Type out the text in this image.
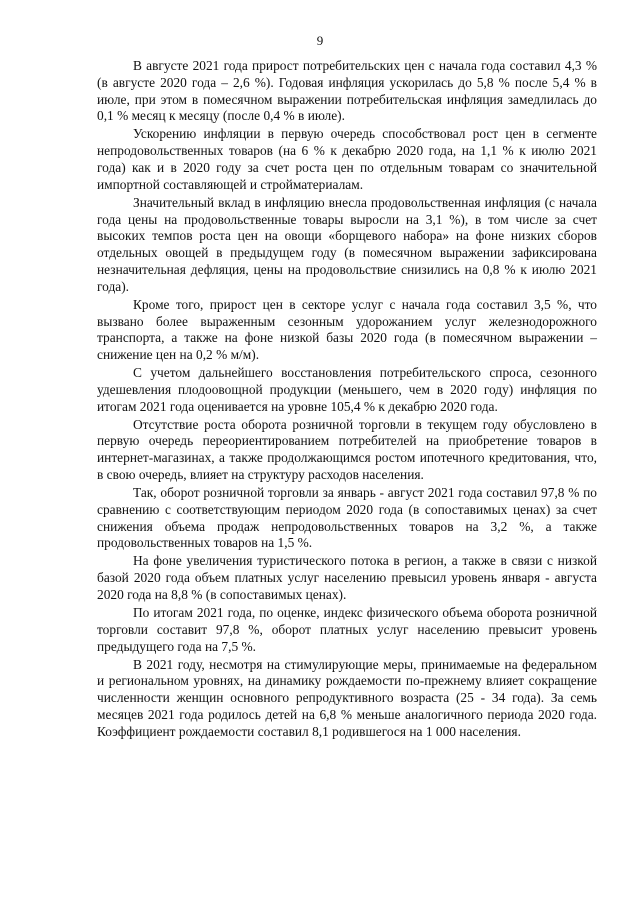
9

В августе 2021 года прирост потребительских цен с начала года составил 4,3 % (в августе 2020 года – 2,6 %). Годовая инфляция ускорилась до 5,8 % после 5,4 % в июле, при этом в помесячном выражении потребительская инфляция замедлилась до 0,1 % месяц к месяцу (после 0,4 % в июле).

Ускорению инфляции в первую очередь способствовал рост цен в сегменте непродовольственных товаров (на 6 % к декабрю 2020 года, на 1,1 % к июлю 2021 года) как и в 2020 году за счет роста цен по отдельным товарам со значительной импортной составляющей и стройматериалам.

Значительный вклад в инфляцию внесла продовольственная инфляция (с начала года цены на продовольственные товары выросли на 3,1 %), в том числе за счет высоких темпов роста цен на овощи «борщевого набора» на фоне низких сборов отдельных овощей в предыдущем году (в помесячном выражении зафиксирована незначительная дефляция, цены на продовольствие снизились на 0,8 % к июлю 2021 года).

Кроме того, прирост цен в секторе услуг с начала года составил 3,5 %, что вызвано более выраженным сезонным удорожанием услуг железнодорожного транспорта, а также на фоне низкой базы 2020 года (в помесячном выражении – снижение цен на 0,2 % м/м).

С учетом дальнейшего восстановления потребительского спроса, сезонного удешевления плодоовощной продукции (меньшего, чем в 2020 году) инфляция по итогам 2021 года оценивается на уровне 105,4 % к декабрю 2020 года.

Отсутствие роста оборота розничной торговли в текущем году обусловлено в первую очередь переориентированием потребителей на приобретение товаров в интернет-магазинах, а также продолжающимся ростом ипотечного кредитования, что, в свою очередь, влияет на структуру расходов населения.

Так, оборот розничной торговли за январь - август 2021 года составил 97,8 % по сравнению с соответствующим периодом 2020 года (в сопоставимых ценах) за счет снижения объема продаж непродовольственных товаров на 3,2 %, а также продовольственных товаров на 1,5 %.

На фоне увеличения туристического потока в регион, а также в связи с низкой базой 2020 года объем платных услуг населению превысил уровень января - августа 2020 года на 8,8 % (в сопоставимых ценах).

По итогам 2021 года, по оценке, индекс физического объема оборота розничной торговли составит 97,8 %, оборот платных услуг населению превысит уровень предыдущего года на 7,5 %.

В 2021 году, несмотря на стимулирующие меры, принимаемые на федеральном и региональном уровнях, на динамику рождаемости по-прежнему влияет сокращение численности женщин основного репродуктивного возраста (25 - 34 года). За семь месяцев 2021 года родилось детей на 6,8 % меньше аналогичного периода 2020 года. Коэффициент рождаемости составил 8,1 родившегося на 1 000 населения.
